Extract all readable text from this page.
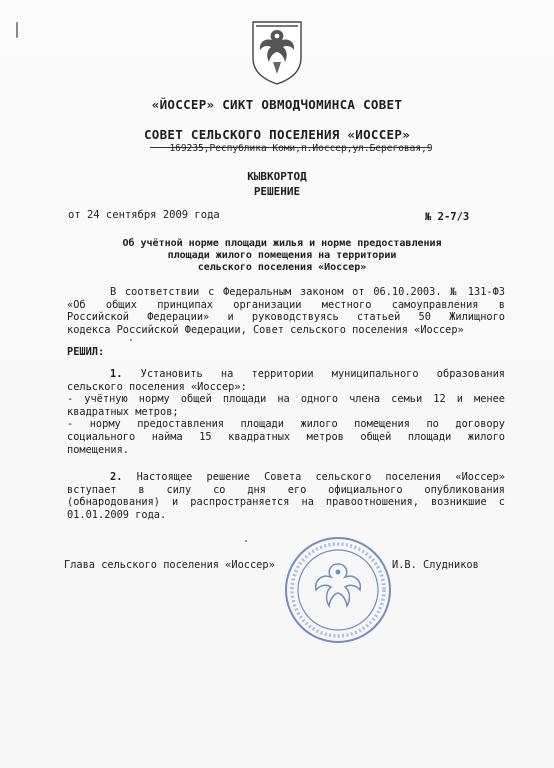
«ЙОССЕР» СИКТ ОВМОДЧОМИНСА СОВЕТ
СОВЕТ СЕЛЬСКОГО ПОСЕЛЕНИЯ «ИОССЕР»
169235,Республика Коми,п.Иоссер,ул.Береговая,9
КЫВКОРТОД
РЕШЕНИЕ
от 24 сентября 2009 года	№ 2-7/3
Об учётной норме площади жилья и норме предоставления
площади жилого помещения на территории
сельского поселения «Иоссер»
В соответствии с Федеральным законом от 06.10.2003. № 131-ФЗ
«Об общих принципах организации местного самоуправления в
Российской Федерации» и руководствуясь статьей 50 Жилищного
кодекса Российской Федерации, Совет сельского поселения «Иоссер»
РЕШИЛ:
1. Установить на территории муниципального образования
сельского поселения «Иоссер»:
- учётную норму общей площади на одного члена семьи 12 и менее
квадратных метров;
- норму предоставления площади жилого помещения по договору
социального найма 15 квадратных метров общей площади жилого
помещения.
2. Настоящее решение Совета сельского поселения «Иоссер»
вступает в силу со дня его официального опубликования
(обнародования) и распространяется на правоотношения, возникшие с
01.01.2009 года.
Глава сельского поселения «Иоссер»	И.В. Слудников
